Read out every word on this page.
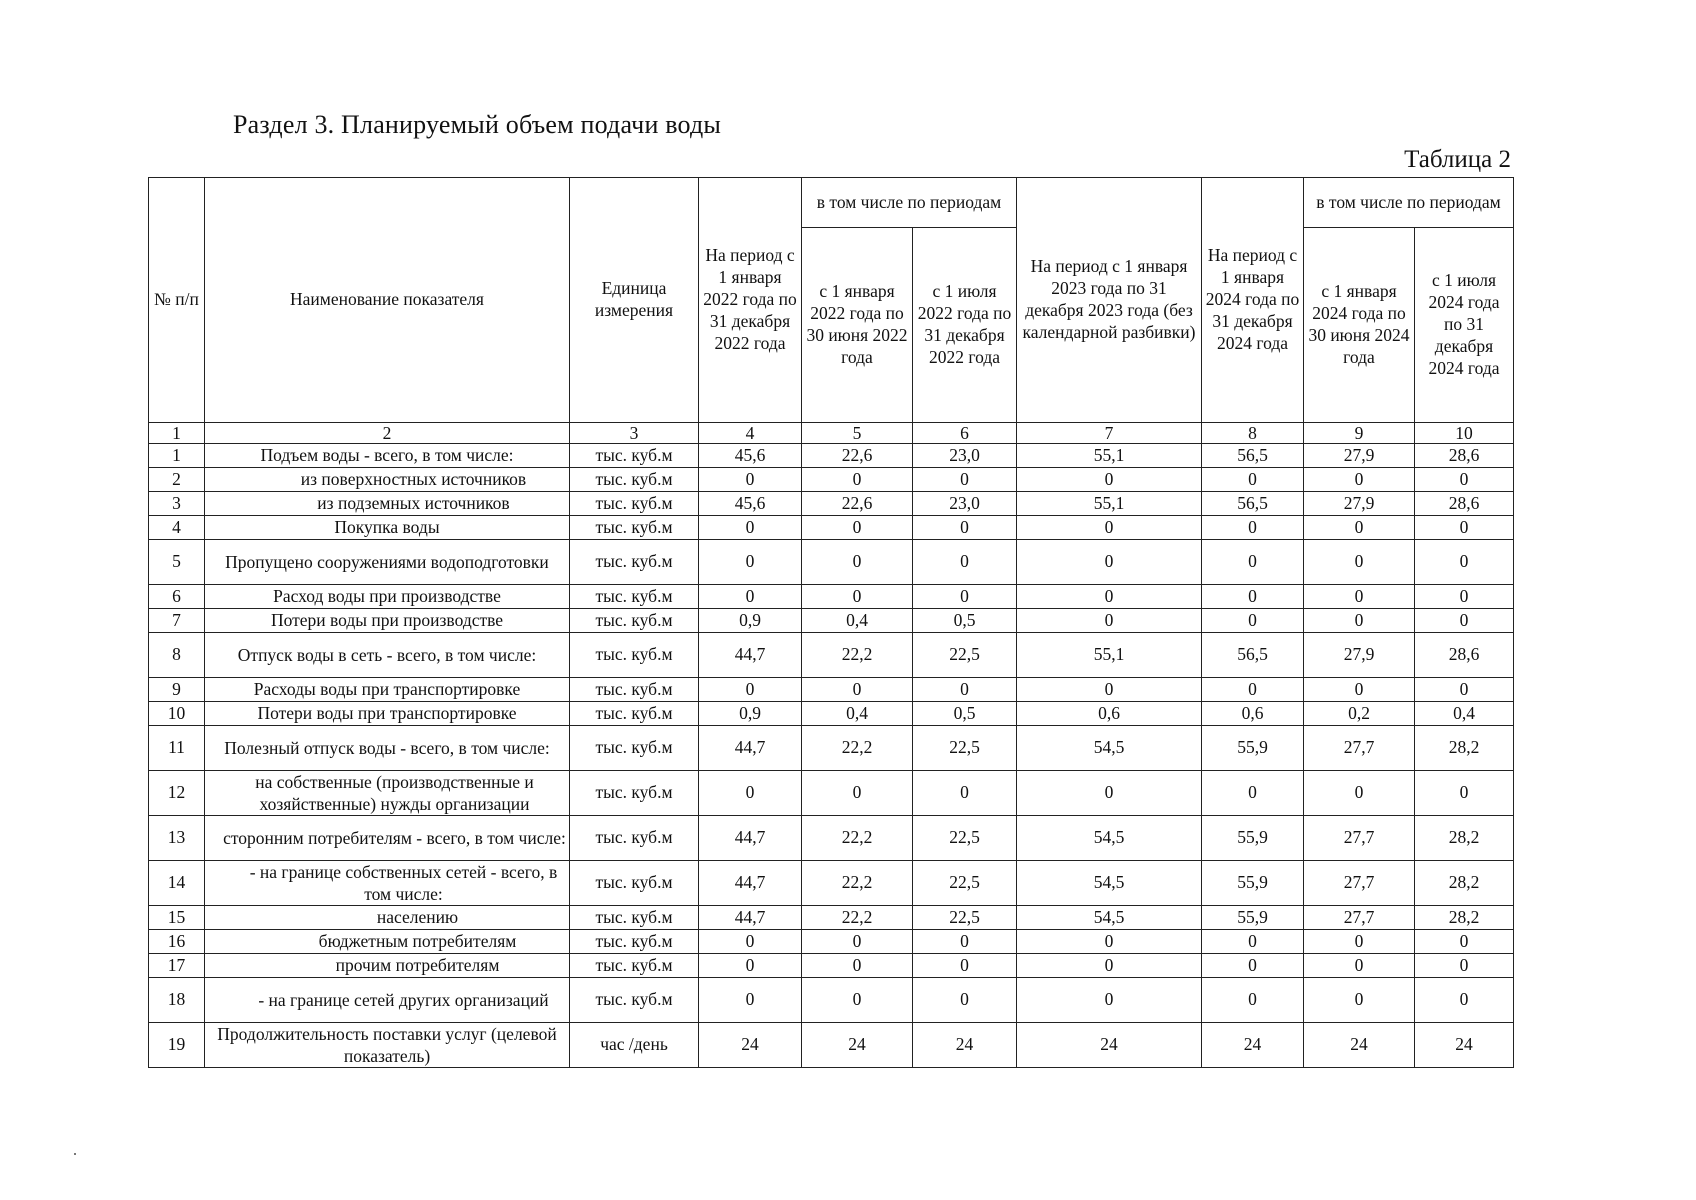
Раздел 3. Планируемый объем подачи воды
Таблица 2
№ п/п	Наименование показателя	Единица измерения	На период с 1 января 2022 года по 31 декабря 2022 года	в том числе по периодам		На период с 1 января 2023 года по 31 декабря 2023 года (без календарной разбивки)	На период с 1 января 2024 года по 31 декабря 2024 года	в том числе по периодам	
				с 1 января 2022 года по 30 июня 2022 года	с 1 июля 2022 года по 31 декабря 2022 года			с 1 января 2024 года по 30 июня 2024 года	с 1 июля 2024 года по 31 декабря 2024 года
1	2	3	4	5	6	7	8	9	10
1	Подъем воды - всего, в том числе:	тыс. куб.м	45,6	22,6	23,0	55,1	56,5	27,9	28,6
2	из поверхностных источников	тыс. куб.м	0	0	0	0	0	0	0
3	из подземных источников	тыс. куб.м	45,6	22,6	23,0	55,1	56,5	27,9	28,6
4	Покупка воды	тыс. куб.м	0	0	0	0	0	0	0
5	Пропущено сооружениями водоподготовки	тыс. куб.м	0	0	0	0	0	0	0
6	Расход воды при производстве	тыс. куб.м	0	0	0	0	0	0	0
7	Потери воды при производстве	тыс. куб.м	0,9	0,4	0,5	0	0	0	0
8	Отпуск воды в сеть - всего, в том числе:	тыс. куб.м	44,7	22,2	22,5	55,1	56,5	27,9	28,6
9	Расходы воды при транспортировке	тыс. куб.м	0	0	0	0	0	0	0
10	Потери воды при транспортировке	тыс. куб.м	0,9	0,4	0,5	0,6	0,6	0,2	0,4
11	Полезный отпуск воды - всего, в том числе:	тыс. куб.м	44,7	22,2	22,5	54,5	55,9	27,7	28,2
12	на собственные (производственные и хозяйственные) нужды организации	тыс. куб.м	0	0	0	0	0	0	0
13	сторонним потребителям - всего, в том числе:	тыс. куб.м	44,7	22,2	22,5	54,5	55,9	27,7	28,2
14	- на границе собственных сетей - всего, в том числе:	тыс. куб.м	44,7	22,2	22,5	54,5	55,9	27,7	28,2
15	населению	тыс. куб.м	44,7	22,2	22,5	54,5	55,9	27,7	28,2
16	бюджетным потребителям	тыс. куб.м	0	0	0	0	0	0	0
17	прочим потребителям	тыс. куб.м	0	0	0	0	0	0	0
18	- на границе сетей других организаций	тыс. куб.м	0	0	0	0	0	0	0
19	Продолжительность поставки услуг (целевой показатель)	час /день	24	24	24	24	24	24	24
